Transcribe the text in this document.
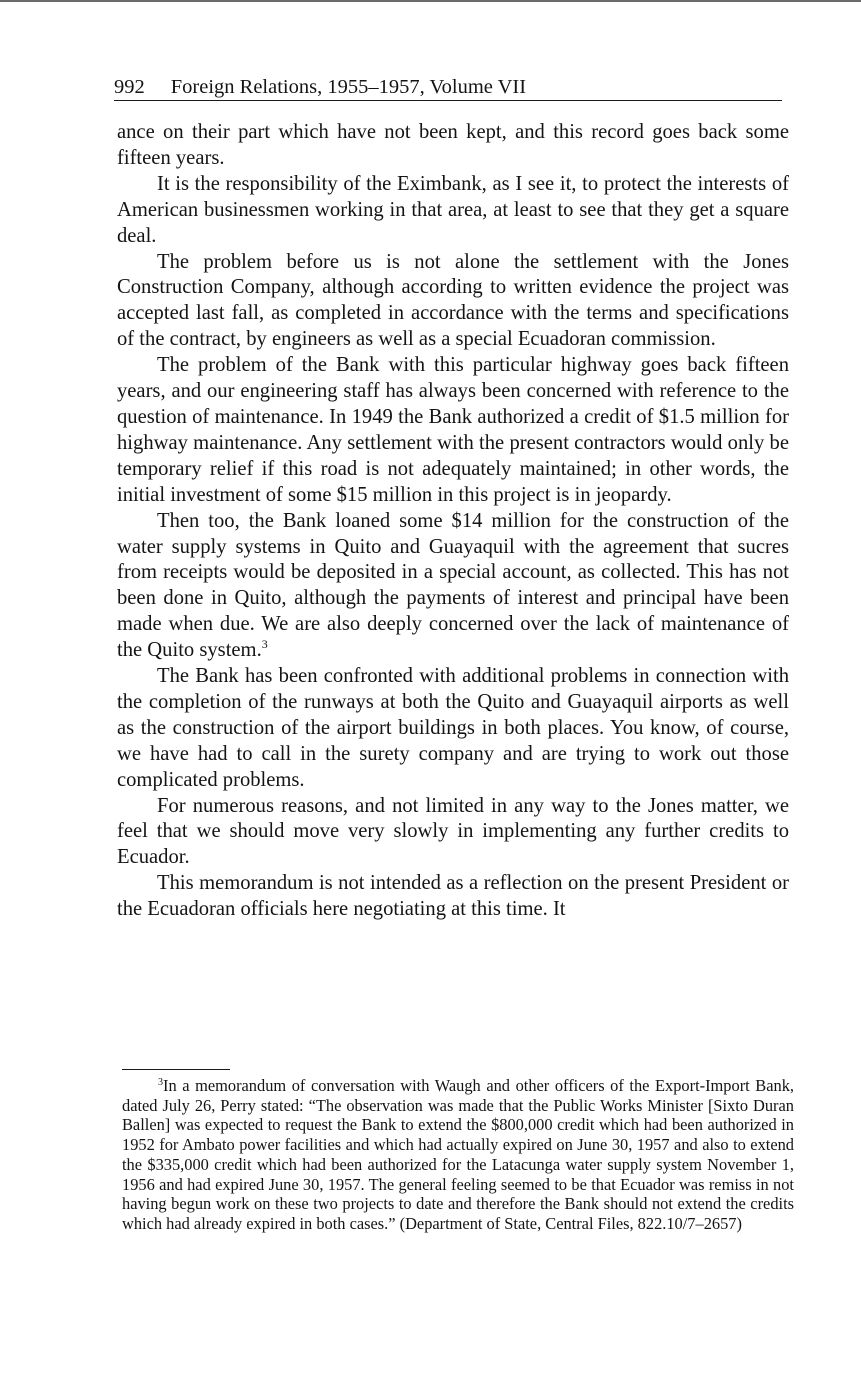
992 Foreign Relations, 1955–1957, Volume VII

ance on their part which have not been kept, and this record goes back some fifteen years.

It is the responsibility of the Eximbank, as I see it, to protect the interests of American businessmen working in that area, at least to see that they get a square deal.

The problem before us is not alone the settlement with the Jones Construction Company, although according to written evidence the project was accepted last fall, as completed in accordance with the terms and specifications of the contract, by engineers as well as a special Ecuadoran commission.

The problem of the Bank with this particular highway goes back fifteen years, and our engineering staff has always been concerned with reference to the question of maintenance. In 1949 the Bank authorized a credit of $1.5 million for highway maintenance. Any settlement with the present contractors would only be temporary relief if this road is not adequately maintained; in other words, the initial investment of some $15 million in this project is in jeopardy.

Then too, the Bank loaned some $14 million for the construction of the water supply systems in Quito and Guayaquil with the agreement that sucres from receipts would be deposited in a special account, as collected. This has not been done in Quito, although the payments of interest and principal have been made when due. We are also deeply concerned over the lack of maintenance of the Quito system.$^3$

The Bank has been confronted with additional problems in connection with the completion of the runways at both the Quito and Guayaquil airports as well as the construction of the airport buildings in both places. You know, of course, we have had to call in the surety company and are trying to work out those complicated problems.

For numerous reasons, and not limited in any way to the Jones matter, we feel that we should move very slowly in implementing any further credits to Ecuador.

This memorandum is not intended as a reflection on the present President or the Ecuadoran officials here negotiating at this time. It

$^3$In a memorandum of conversation with Waugh and other officers of the Export-Import Bank, dated July 26, Perry stated: “The observation was made that the Public Works Minister [Sixto Duran Ballen] was expected to request the Bank to extend the $800,000 credit which had been authorized in 1952 for Ambato power facilities and which had actually expired on June 30, 1957 and also to extend the $335,000 credit which had been authorized for the Latacunga water supply system November 1, 1956 and had expired June 30, 1957. The general feeling seemed to be that Ecuador was remiss in not having begun work on these two projects to date and therefore the Bank should not extend the credits which had already expired in both cases.” (Department of State, Central Files, 822.10/7–2657)
